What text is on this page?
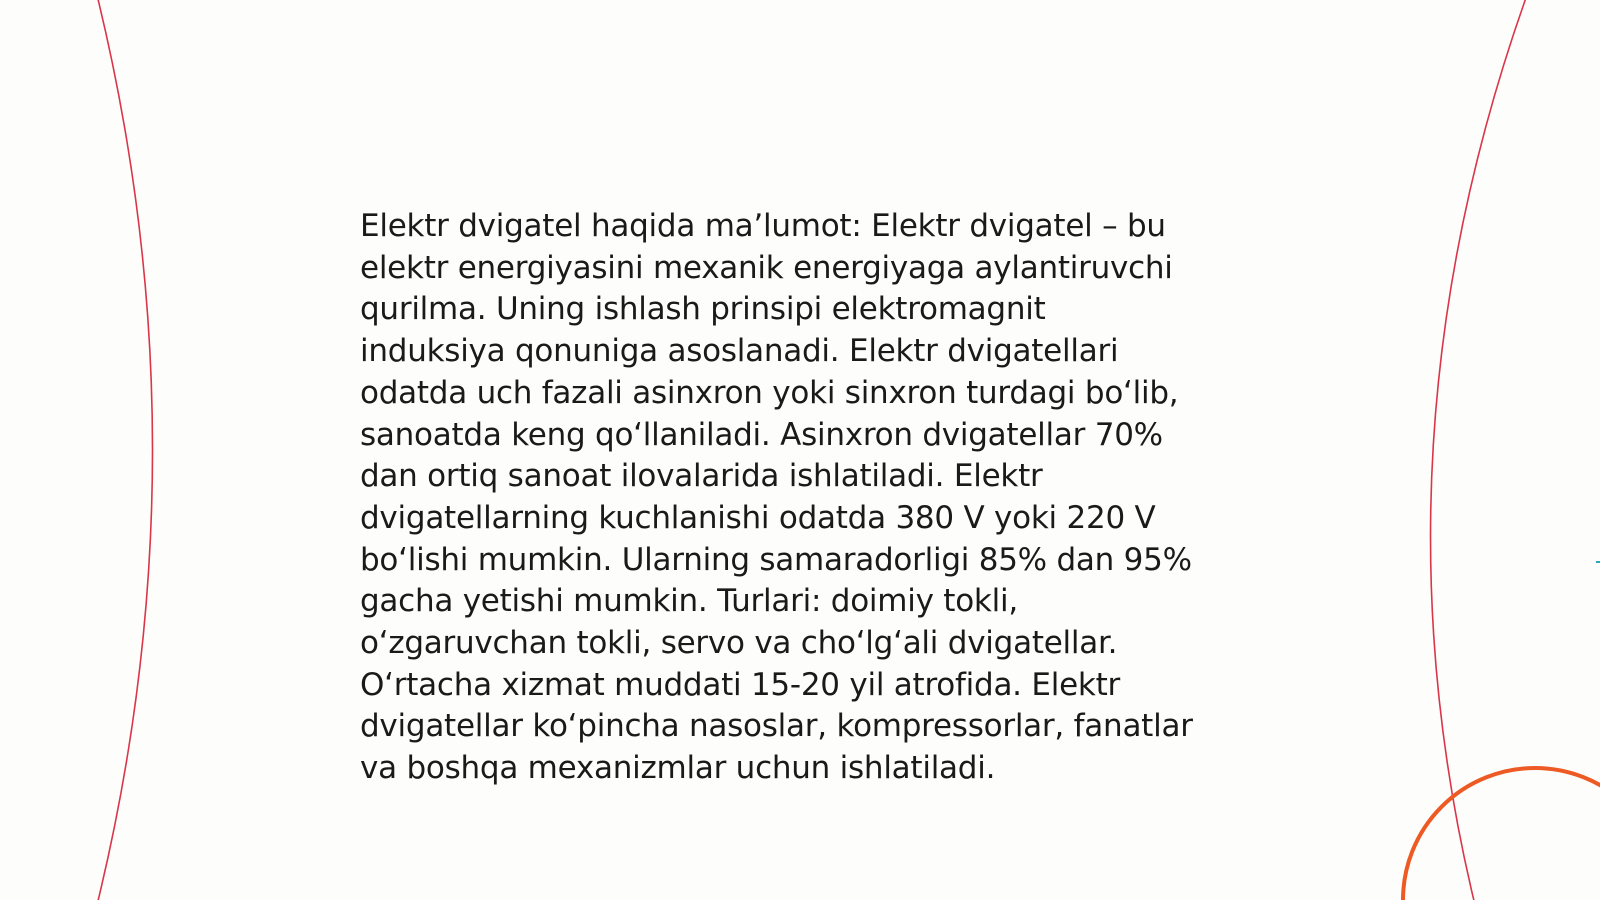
Elektr dvigatel haqida ma’lumot: Elektr dvigatel – bu
elektr energiyasini mexanik energiyaga aylantiruvchi
qurilma. Uning ishlash prinsipi elektromagnit
induksiya qonuniga asoslanadi. Elektr dvigatellari
odatda uch fazali asinxron yoki sinxron turdagi bo‘lib,
sanoatda keng qo‘llaniladi. Asinxron dvigatellar 70%
dan ortiq sanoat ilovalarida ishlatiladi. Elektr
dvigatellarning kuchlanishi odatda 380 V yoki 220 V
bo‘lishi mumkin. Ularning samaradorligi 85% dan 95%
gacha yetishi mumkin. Turlari: doimiy tokli,
o‘zgaruvchan tokli, servo va cho‘lg‘ali dvigatellar.
O‘rtacha xizmat muddati 15-20 yil atrofida. Elektr
dvigatellar ko‘pincha nasoslar, kompressorlar, fanatlar
va boshqa mexanizmlar uchun ishlatiladi.
